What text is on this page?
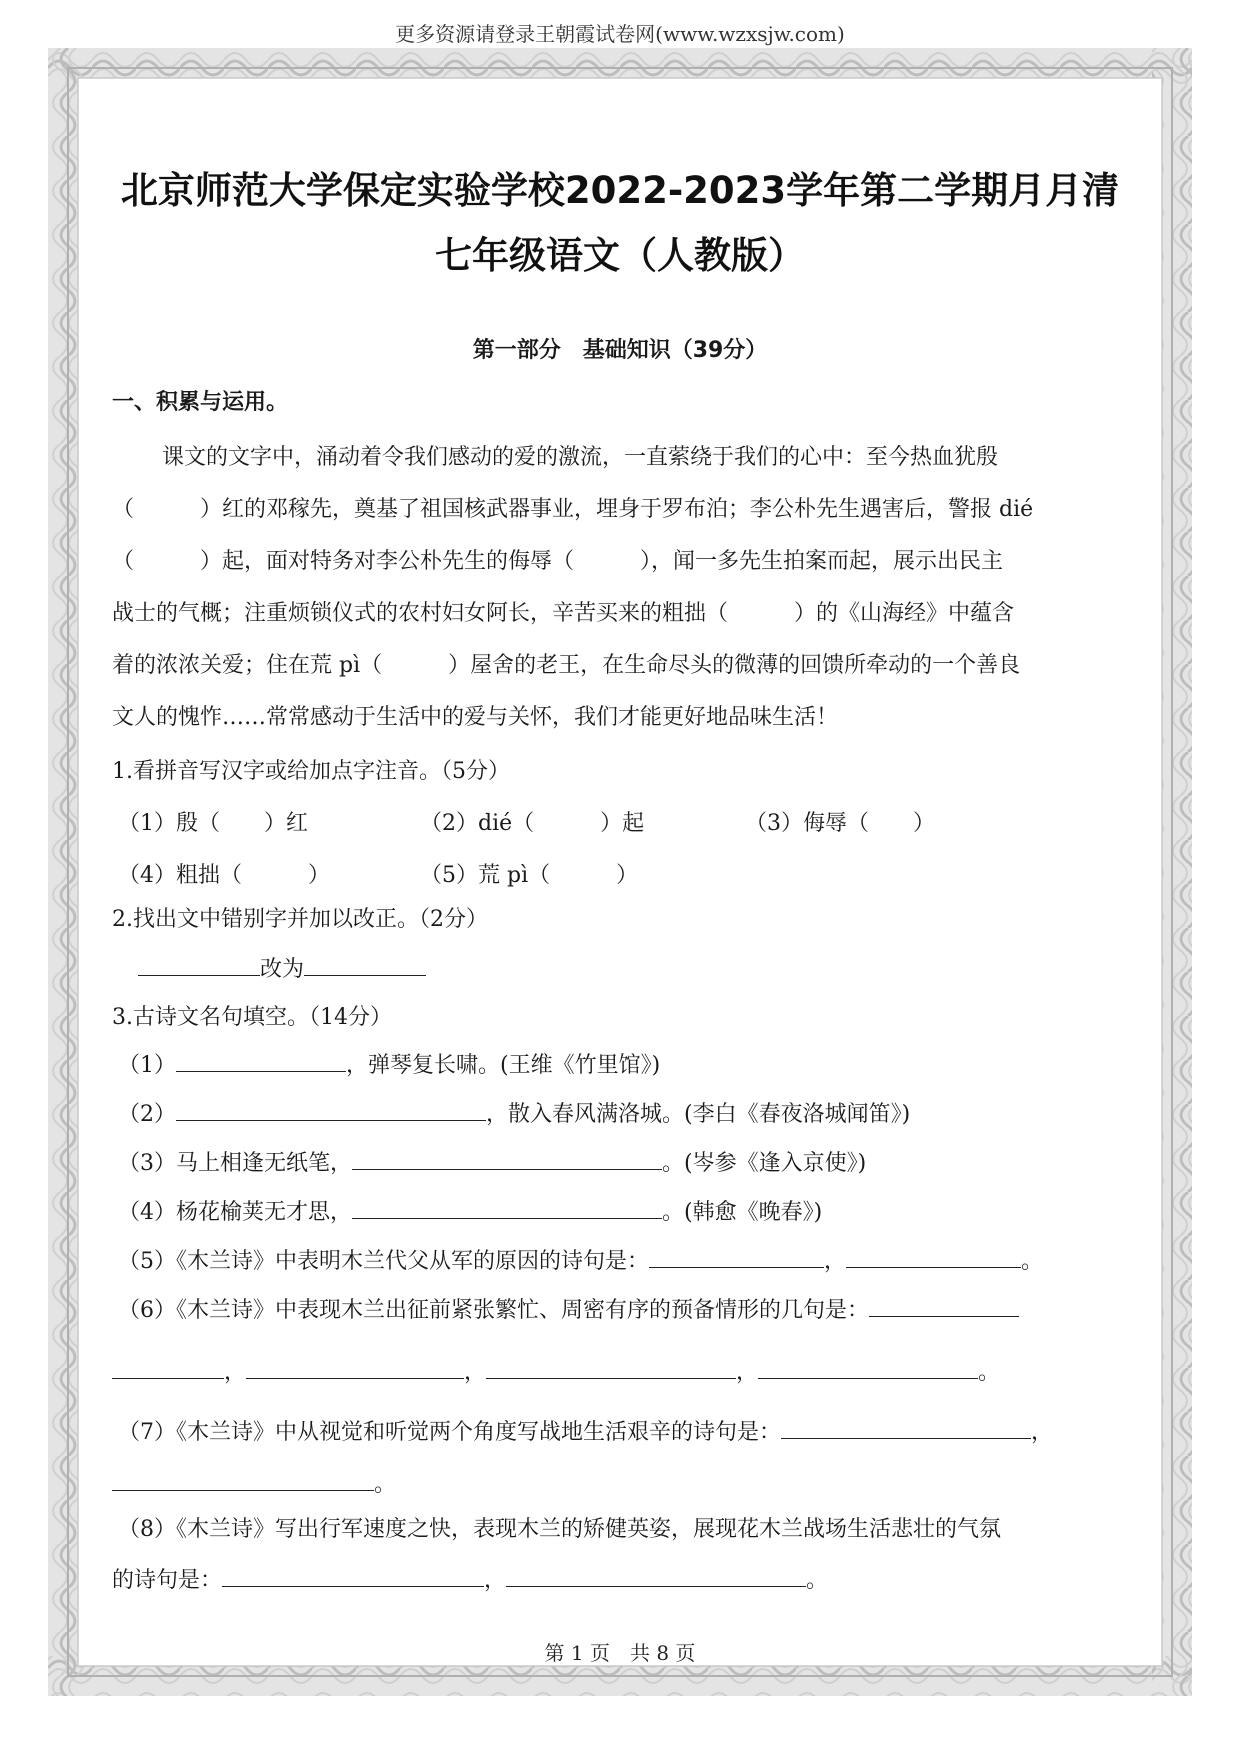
更多资源请登录王朝霞试卷网(www.wzxsjw.com)
北京师范大学保定实验学校2022-2023学年第二学期月月清
七年级语文（人教版）
第一部分　基础知识（39分）
一、积累与运用。
课文的文字中，涌动着令我们感动的爱的激流，一直萦绕于我们的心中：至今热血犹殷
（　　　）红的邓稼先，奠基了祖国核武器事业，埋身于罗布泊；李公朴先生遇害后，警报 dié
（　　　）起，面对特务对李公朴先生的侮辱（　　　），闻一多先生拍案而起，展示出民主
战士的气概；注重烦锁仪式的农村妇女阿长，辛苦买来的粗拙（　　　）的《山海经》中蕴含
着的浓浓关爱；住在荒 pì（　　　）屋舍的老王，在生命尽头的微薄的回馈所牵动的一个善良
文人的愧怍……常常感动于生活中的爱与关怀，我们才能更好地品味生活！
1.看拼音写汉字或给加点字注音。（5分）
（1）殷（　　）红	（2）dié（　　　）起	（3）侮辱（　　）
（4）粗拙（　　　）	（5）荒 pì（　　　）
2.找出文中错别字并加以改正。（2分）
改为
3.古诗文名句填空。（14分）
（1）	，弹琴复长啸。(王维《竹里馆》)
（2）	，散入春风满洛城。(李白《春夜洛城闻笛》)
（3）马上相逢无纸笔，	。(岑参《逢入京使》)
（4）杨花榆荚无才思，	。(韩愈《晚春》)
（5）《木兰诗》中表明木兰代父从军的原因的诗句是：	，	。
（6）《木兰诗》中表现木兰出征前紧张繁忙、周密有序的预备情形的几句是：
，	，	，	。
（7）《木兰诗》中从视觉和听觉两个角度写战地生活艰辛的诗句是：	，
。
（8）《木兰诗》写出行军速度之快，表现木兰的矫健英姿，展现花木兰战场生活悲壮的气氛
的诗句是：	，	。
第 1 页　共 8 页
